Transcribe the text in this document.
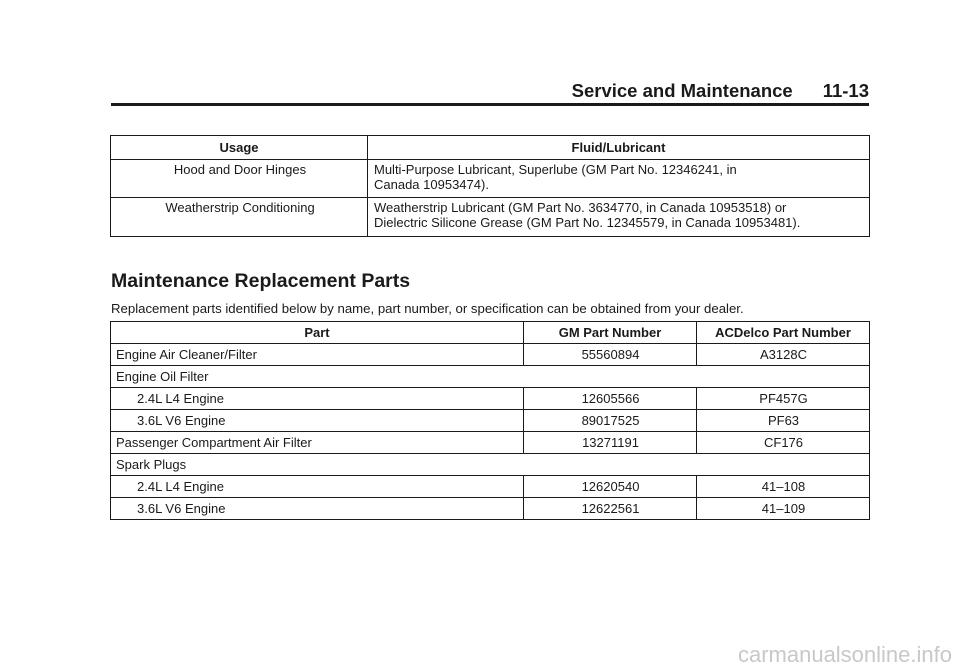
Service and Maintenance 11-13
Usage	Fluid/Lubricant
Hood and Door Hinges	Multi-Purpose Lubricant, Superlube (GM Part No. 12346241, in
Canada 10953474).
Weatherstrip Conditioning	Weatherstrip Lubricant (GM Part No. 3634770, in Canada 10953518) or
Dielectric Silicone Grease (GM Part No. 12345579, in Canada 10953481).
Maintenance Replacement Parts

Replacement parts identified below by name, part number, or specification can be obtained from your dealer.

Part	GM Part Number	ACDelco Part Number
Engine Air Cleaner/Filter	55560894	A3128C
Engine Oil Filter		
2.4L L4 Engine	12605566	PF457G
3.6L V6 Engine	89017525	PF63
Passenger Compartment Air Filter	13271191	CF176
Spark Plugs		
2.4L L4 Engine	12620540	41–108
3.6L V6 Engine	12622561	41–109
carmanualsonline.info
